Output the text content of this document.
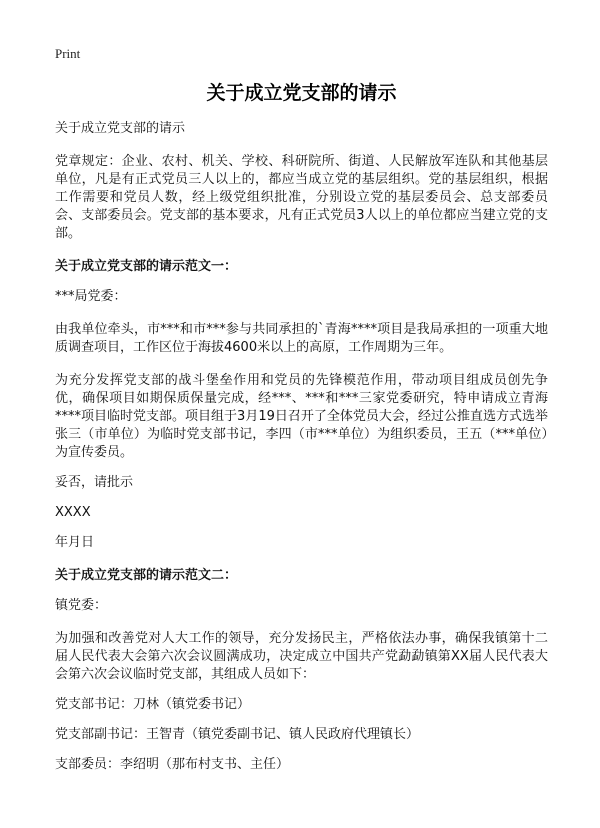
Print

关于成立党支部的请示

关于成立党支部的请示

党章规定：企业、农村、机关、学校、科研院所、街道、人民解放军连队和其他基层单位，凡是有正式党员三人以上的，都应当成立党的基层组织。党的基层组织，根据工作需要和党员人数，经上级党组织批准，分别设立党的基层委员会、总支部委员会、支部委员会。党支部的基本要求，凡有正式党员3人以上的单位都应当建立党的支部。

关于成立党支部的请示范文一：

***局党委：

由我单位牵头，市***和市***参与共同承担的`青海****项目是我局承担的一项重大地质调查项目，工作区位于海拔4600米以上的高原，工作周期为三年。

为充分发挥党支部的战斗堡垒作用和党员的先锋模范作用，带动项目组成员创先争优，确保项目如期保质保量完成，经***、***和***三家党委研究，特申请成立青海****项目临时党支部。项目组于3月19日召开了全体党员大会，经过公推直选方式选举张三（市单位）为临时党支部书记，李四（市***单位）为组织委员，王五（***单位）为宣传委员。

妥否，请批示

XXXX

年月日

关于成立党支部的请示范文二：

镇党委：

为加强和改善党对人大工作的领导，充分发扬民主，严格依法办事，确保我镇第十二届人民代表大会第六次会议圆满成功，决定成立中国共产党勐勐镇第XX届人民代表大会第六次会议临时党支部，其组成人员如下：

党支部书记：刀林（镇党委书记）

党支部副书记：王智青（镇党委副书记、镇人民政府代理镇长）

支部委员：李绍明（那布村支书、主任）
